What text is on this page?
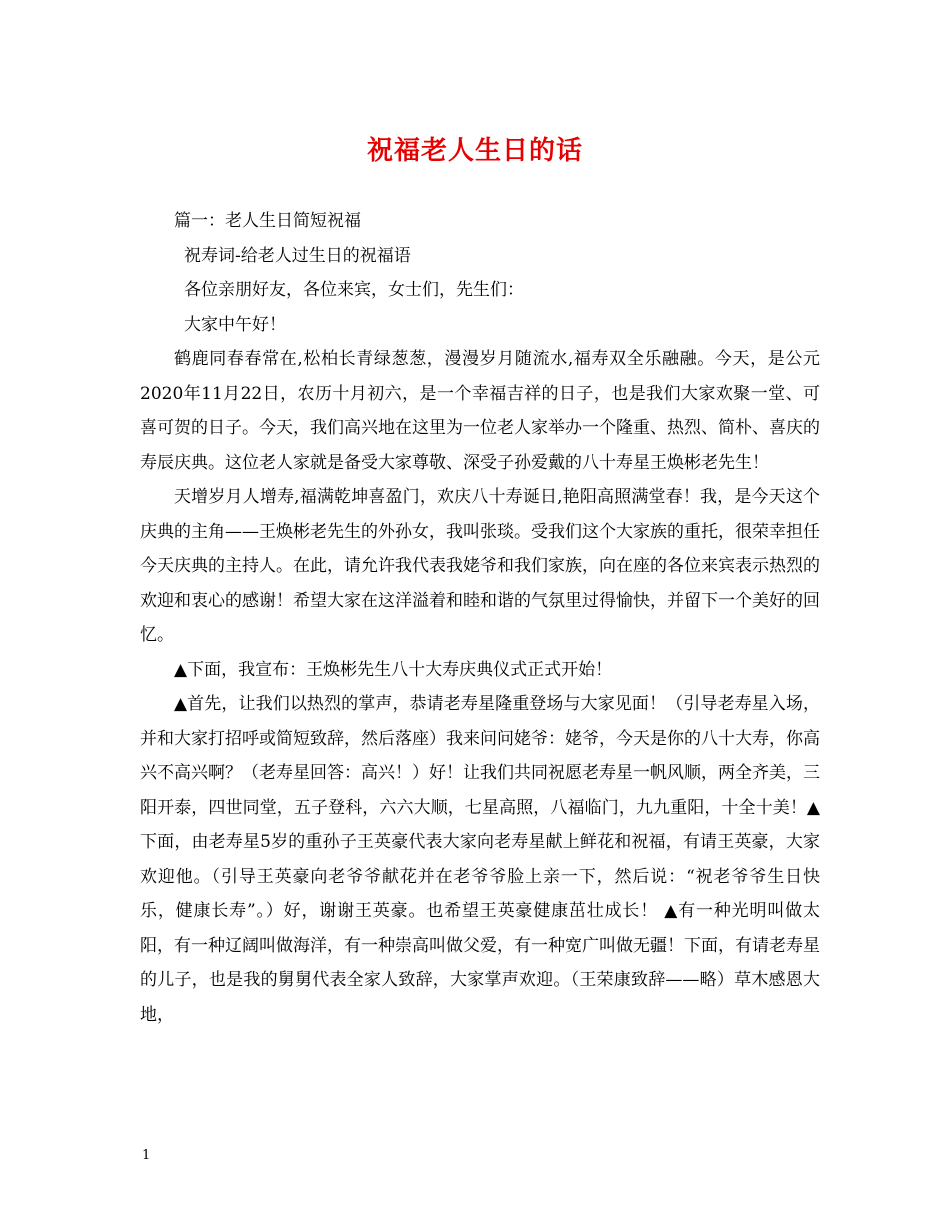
祝福老人生日的话

篇一：老人生日简短祝福

祝寿词-给老人过生日的祝福语

各位亲朋好友，各位来宾，女士们，先生们：

大家中午好！

鹤鹿同春春常在,松柏长青绿葱葱，漫漫岁月随流水,福寿双全乐融融。今天，是公元2020年11月22日，农历十月初六，是一个幸福吉祥的日子，也是我们大家欢聚一堂、可喜可贺的日子。今天，我们高兴地在这里为一位老人家举办一个隆重、热烈、简朴、喜庆的寿辰庆典。这位老人家就是备受大家尊敬、深受子孙爱戴的八十寿星王焕彬老先生！

天增岁月人增寿,福满乾坤喜盈门，欢庆八十寿诞日,艳阳高照满堂春！我，是今天这个庆典的主角——王焕彬老先生的外孙女，我叫张琰。受我们这个大家族的重托，很荣幸担任今天庆典的主持人。在此，请允许我代表我姥爷和我们家族，向在座的各位来宾表示热烈的欢迎和衷心的感谢！希望大家在这洋溢着和睦和谐的气氛里过得愉快，并留下一个美好的回忆。

▲下面，我宣布：王焕彬先生八十大寿庆典仪式正式开始！

▲首先，让我们以热烈的掌声，恭请老寿星隆重登场与大家见面！（引导老寿星入场，并和大家打招呼或简短致辞，然后落座）我来问问姥爷：姥爷，今天是你的八十大寿，你高兴不高兴啊？（老寿星回答：高兴！）好！让我们共同祝愿老寿星一帆风顺，两全齐美，三阳开泰，四世同堂，五子登科，六六大顺，七星高照，八福临门，九九重阳，十全十美！▲下面，由老寿星5岁的重孙子王英豪代表大家向老寿星献上鲜花和祝福，有请王英豪，大家欢迎他。（引导王英豪向老爷爷献花并在老爷爷脸上亲一下，然后说：“祝老爷爷生日快乐，健康长寿”。）好，谢谢王英豪。也希望王英豪健康茁壮成长！ ▲有一种光明叫做太阳，有一种辽阔叫做海洋，有一种崇高叫做父爱，有一种宽广叫做无疆！下面，有请老寿星的儿子，也是我的舅舅代表全家人致辞，大家掌声欢迎。（王荣康致辞——略）草木感恩大地，

1
